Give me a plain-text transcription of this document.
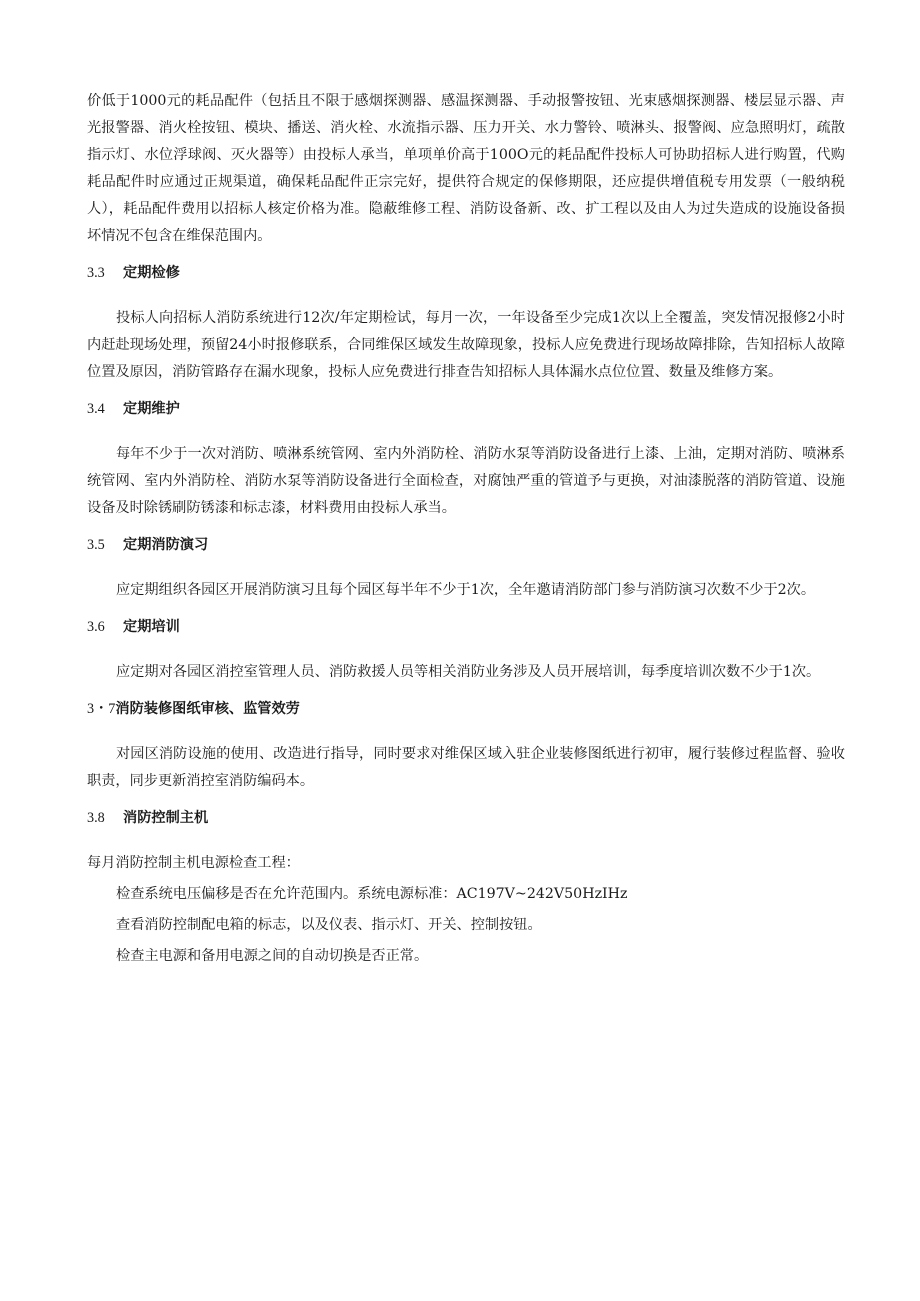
价低于1000元的耗品配件（包括且不限于感烟探测器、感温探测器、手动报警按钮、光束感烟探测器、楼层显示器、声光报警器、消火栓按钮、模块、播送、消火栓、水流指示器、压力开关、水力警铃、喷淋头、报警阀、应急照明灯，疏散指示灯、水位浮球阀、灭火器等）由投标人承当，单项单价高于100O元的耗品配件投标人可协助招标人进行购置，代购耗品配件时应通过正规渠道，确保耗品配件正宗完好，提供符合规定的保修期限，还应提供增值税专用发票（一般纳税人），耗品配件费用以招标人核定价格为准。隐蔽维修工程、消防设备新、改、扩工程以及由人为过失造成的设施设备损坏情况不包含在维保范围内。

3.3 定期检修

投标人向招标人消防系统进行12次/年定期检试，每月一次，一年设备至少完成1次以上全覆盖，突发情况报修2小时内赶赴现场处理，预留24小时报修联系，合同维保区域发生故障现象，投标人应免费进行现场故障排除，告知招标人故障位置及原因，消防管路存在漏水现象，投标人应免费进行排查告知招标人具体漏水点位位置、数量及维修方案。

3.4 定期维护

每年不少于一次对消防、喷淋系统管网、室内外消防栓、消防水泵等消防设备进行上漆、上油，定期对消防、喷淋系统管网、室内外消防栓、消防水泵等消防设备进行全面检查，对腐蚀严重的管道予与更换，对油漆脱落的消防管道、设施设备及时除锈刷防锈漆和标志漆，材料费用由投标人承当。

3.5 定期消防演习

应定期组织各园区开展消防演习且每个园区每半年不少于1次，全年邀请消防部门参与消防演习次数不少于2次。

3.6 定期培训

应定期对各园区消控室管理人员、消防救援人员等相关消防业务涉及人员开展培训，每季度培训次数不少于1次。

3・7消防装修图纸审核、监管效劳

对园区消防设施的使用、改造进行指导，同时要求对维保区域入驻企业装修图纸进行初审，履行装修过程监督、验收职责，同步更新消控室消防编码本。

3.8 消防控制主机

每月消防控制主机电源检查工程：

检查系统电压偏移是否在允许范围内。系统电源标准：AC197V~242V50HzIHz

查看消防控制配电箱的标志，以及仪表、指示灯、开关、控制按钮。

检查主电源和备用电源之间的自动切换是否正常。
